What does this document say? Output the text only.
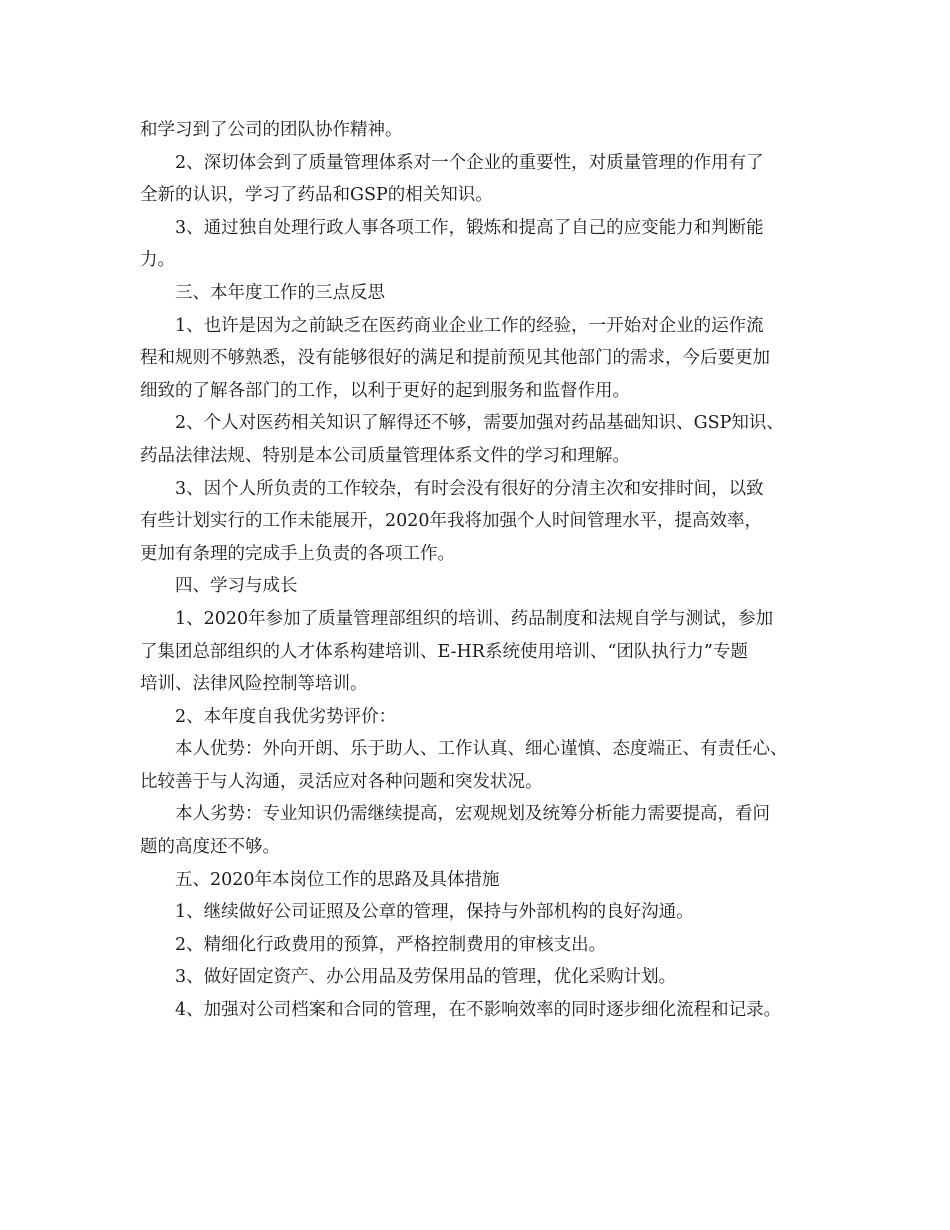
和学习到了公司的团队协作精神。
2、深切体会到了质量管理体系对一个企业的重要性，对质量管理的作用有了
全新的认识，学习了药品和GSP的相关知识。
3、通过独自处理行政人事各项工作，锻炼和提高了自己的应变能力和判断能
力。
三、本年度工作的三点反思
1、也许是因为之前缺乏在医药商业企业工作的经验，一开始对企业的运作流
程和规则不够熟悉，没有能够很好的满足和提前预见其他部门的需求，今后要更加
细致的了解各部门的工作，以利于更好的起到服务和监督作用。
2、个人对医药相关知识了解得还不够，需要加强对药品基础知识、GSP知识、
药品法律法规、特别是本公司质量管理体系文件的学习和理解。
3、因个人所负责的工作较杂，有时会没有很好的分清主次和安排时间，以致
有些计划实行的工作未能展开，2020年我将加强个人时间管理水平，提高效率，
更加有条理的完成手上负责的各项工作。
四、学习与成长
1、2020年参加了质量管理部组织的培训、药品制度和法规自学与测试，参加
了集团总部组织的人才体系构建培训、E-HR系统使用培训、“团队执行力”专题
培训、法律风险控制等培训。
2、本年度自我优劣势评价：
本人优势：外向开朗、乐于助人、工作认真、细心谨慎、态度端正、有责任心、
比较善于与人沟通，灵活应对各种问题和突发状况。
本人劣势：专业知识仍需继续提高，宏观规划及统筹分析能力需要提高，看问
题的高度还不够。
五、2020年本岗位工作的思路及具体措施
1、继续做好公司证照及公章的管理，保持与外部机构的良好沟通。
2、精细化行政费用的预算，严格控制费用的审核支出。
3、做好固定资产、办公用品及劳保用品的管理，优化采购计划。
4、加强对公司档案和合同的管理，在不影响效率的同时逐步细化流程和记录。
